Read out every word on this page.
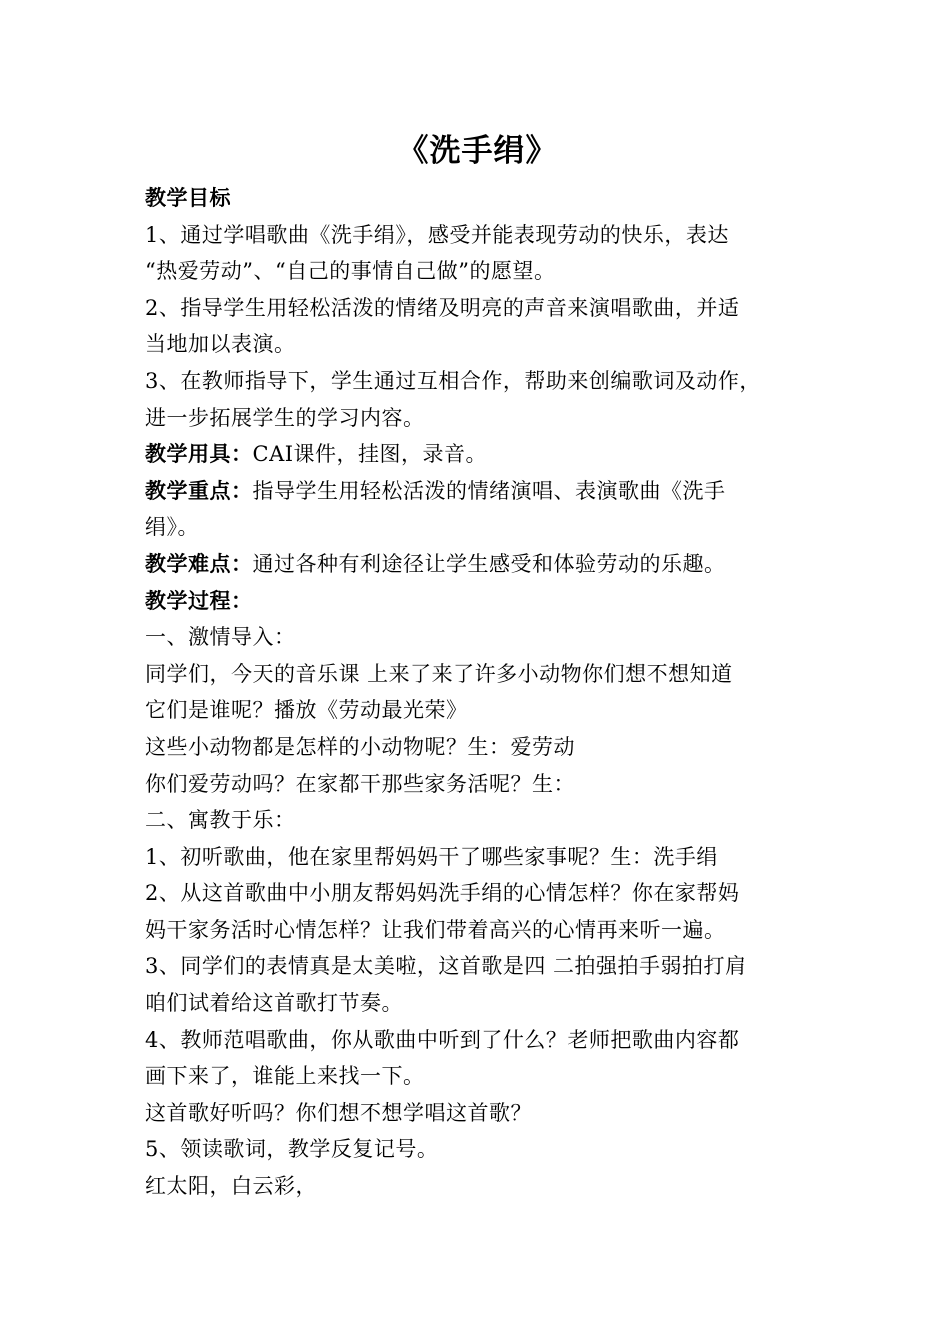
《洗手绢》
教学目标
1、通过学唱歌曲《洗手绢》，感受并能表现劳动的快乐，表达
“热爱劳动”、“自己的事情自己做”的愿望。
2、指导学生用轻松活泼的情绪及明亮的声音来演唱歌曲，并适
当地加以表演。
3、在教师指导下，学生通过互相合作，帮助来创编歌词及动作，
进一步拓展学生的学习内容。
教学用具：CAI课件，挂图，录音。
教学重点：指导学生用轻松活泼的情绪演唱、表演歌曲《洗手
绢》。
教学难点：通过各种有利途径让学生感受和体验劳动的乐趣。
教学过程：
一、激情导入：
同学们，今天的音乐课 上来了来了许多小动物你们想不想知道
它们是谁呢？播放《劳动最光荣》
这些小动物都是怎样的小动物呢？生：爱劳动
你们爱劳动吗？在家都干那些家务活呢？生：
二、寓教于乐：
1、初听歌曲，他在家里帮妈妈干了哪些家事呢？生：洗手绢
2、从这首歌曲中小朋友帮妈妈洗手绢的心情怎样？你在家帮妈
妈干家务活时心情怎样？让我们带着高兴的心情再来听一遍。
3、同学们的表情真是太美啦，这首歌是四 二拍强拍手弱拍打肩
咱们试着给这首歌打节奏。
4、教师范唱歌曲，你从歌曲中听到了什么？老师把歌曲内容都
画下来了，谁能上来找一下。
这首歌好听吗？你们想不想学唱这首歌？
5、领读歌词，教学反复记号。
红太阳，白云彩，
